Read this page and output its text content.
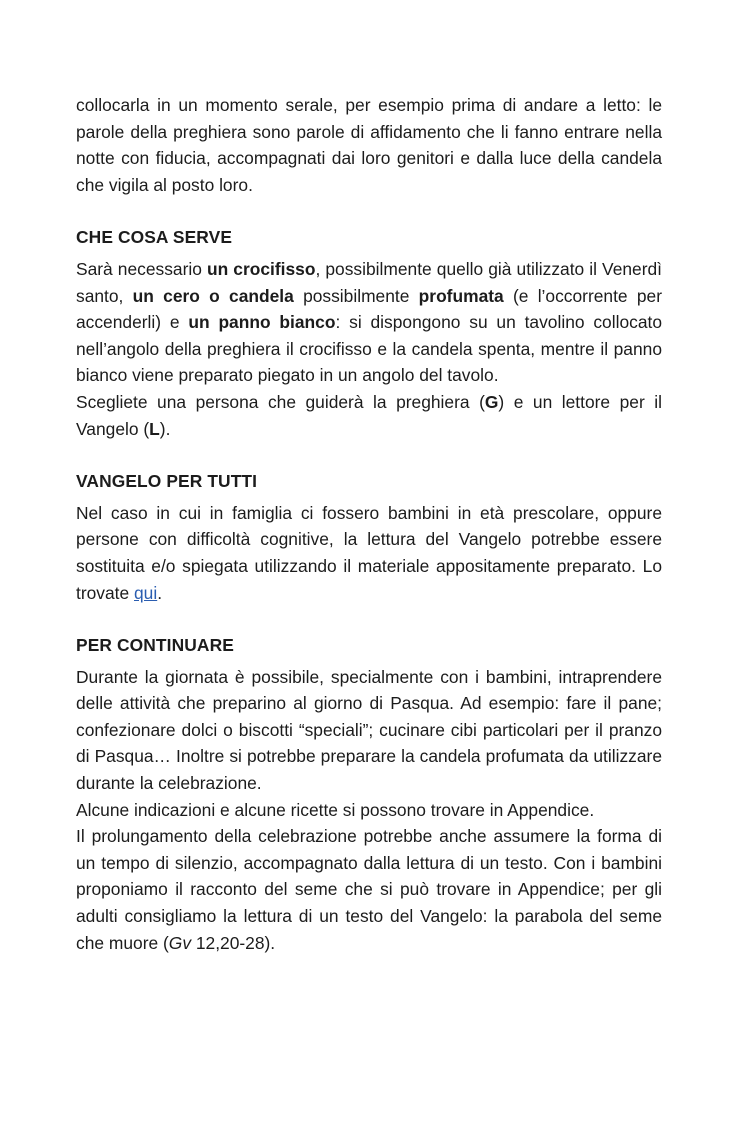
collocarla in un momento serale, per esempio prima di andare a letto: le parole della preghiera sono parole di affidamento che li fanno entrare nella notte con fiducia, accompagnati dai loro genitori e dalla luce della candela che vigila al posto loro.

CHE COSA SERVE

Sarà necessario un crocifisso, possibilmente quello già utilizzato il Venerdì santo, un cero o candela possibilmente profumata (e l’occorrente per accenderli) e un panno bianco: si dispongono su un tavolino collocato nell’angolo della preghiera il crocifisso e la candela spenta, mentre il panno bianco viene preparato piegato in un angolo del tavolo.

Scegliete una persona che guiderà la preghiera (G) e un lettore per il Vangelo (L).

VANGELO PER TUTTI

Nel caso in cui in famiglia ci fossero bambini in età prescolare, oppure persone con difficoltà cognitive, la lettura del Vangelo potrebbe essere sostituita e/o spiegata utilizzando il materiale appositamente preparato. Lo trovate qui.

PER CONTINUARE

Durante la giornata è possibile, specialmente con i bambini, intraprendere delle attività che preparino al giorno di Pasqua. Ad esempio: fare il pane; confezionare dolci o biscotti “speciali”; cucinare cibi particolari per il pranzo di Pasqua… Inoltre si potrebbe preparare la candela profumata da utilizzare durante la celebrazione.

Alcune indicazioni e alcune ricette si possono trovare in Appendice.

Il prolungamento della celebrazione potrebbe anche assumere la forma di un tempo di silenzio, accompagnato dalla lettura di un testo. Con i bambini proponiamo il racconto del seme che si può trovare in Appendice; per gli adulti consigliamo la lettura di un testo del Vangelo: la parabola del seme che muore (Gv 12,20-28).
